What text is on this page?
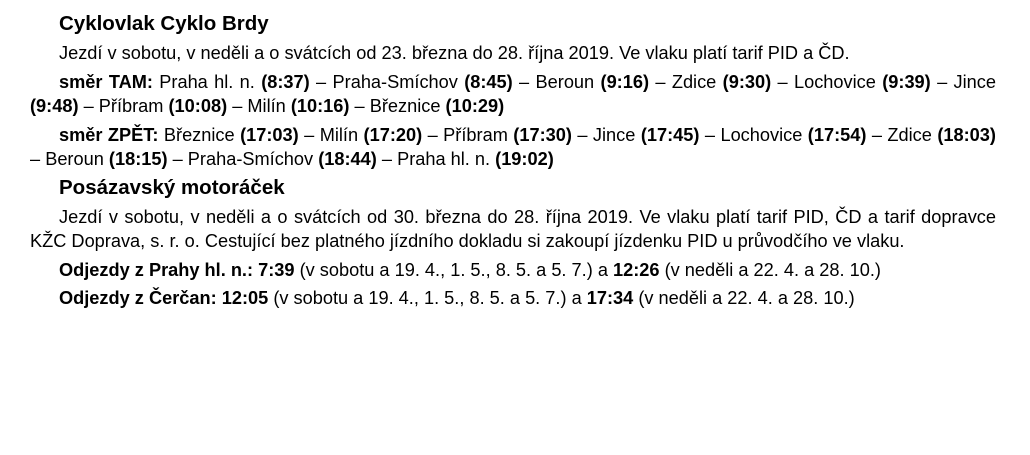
Cyklovlak Cyklo Brdy
Jezdí v sobotu, v neděli a o svátcích od 23. března do 28. října 2019. Ve vlaku platí tarif PID a ČD.
směr TAM: Praha hl. n. (8:37) – Praha-Smíchov (8:45) – Beroun (9:16) – Zdice (9:30) – Lochovice (9:39) – Jince (9:48) – Příbram (10:08) – Milín (10:16) – Březnice (10:29)
směr ZPĚT: Březnice (17:03) – Milín (17:20) – Příbram (17:30) – Jince (17:45) – Lochovice (17:54) – Zdice (18:03) – Beroun (18:15) – Praha-Smíchov (18:44) – Praha hl. n. (19:02)
Posázavský motoráček
Jezdí v sobotu, v neděli a o svátcích od 30. března do 28. října 2019. Ve vlaku platí tarif PID, ČD a tarif dopravce KŽC Doprava, s. r. o. Cestující bez platného jízdního dokladu si zakoupí jízdenku PID u průvodčího ve vlaku.
Odjezdy z Prahy hl. n.: 7:39 (v sobotu a 19. 4., 1. 5., 8. 5. a 5. 7.) a 12:26 (v neděli a 22. 4. a 28. 10.)
Odjezdy z Čerčan: 12:05 (v sobotu a 19. 4., 1. 5., 8. 5. a 5. 7.) a 17:34 (v neděli a 22. 4. a 28. 10.)
